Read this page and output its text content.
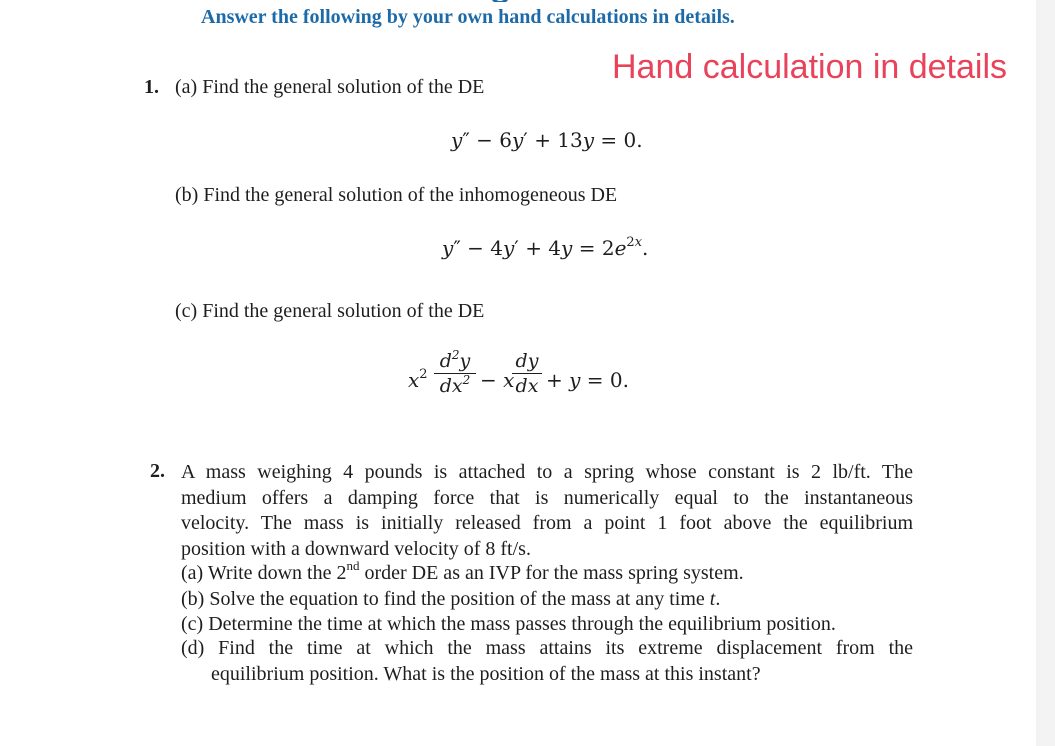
Answer the following by your own hand calculations in details.
Hand calculation in details
1. (a) Find the general solution of the DE
y″ − 6y′ + 13y = 0.
(b) Find the general solution of the inhomogeneous DE
$y'' - 4y' + 4y = 2e^{2x}$.
(c) Find the general solution of the DE
$x^2$
$d^2y$
$dx^2 - x$
dy
dx + y = 0.
2. A mass weighing 4 pounds is attached to a spring whose constant is 2 lb/ft. The
medium offers a damping force that is numerically equal to the instantaneous
velocity. The mass is initially released from a point 1 foot above the equilibrium
position with a downward velocity of 8 ft/s.
(a) Write down the 2nd order DE as an IVP for the mass spring system.
(b) Solve the equation to find the position of the mass at any time t.
(c) Determine the time at which the mass passes through the equilibrium position.
(d) Find the time at which the mass attains its extreme displacement from the
equilibrium position. What is the position of the mass at this instant?
